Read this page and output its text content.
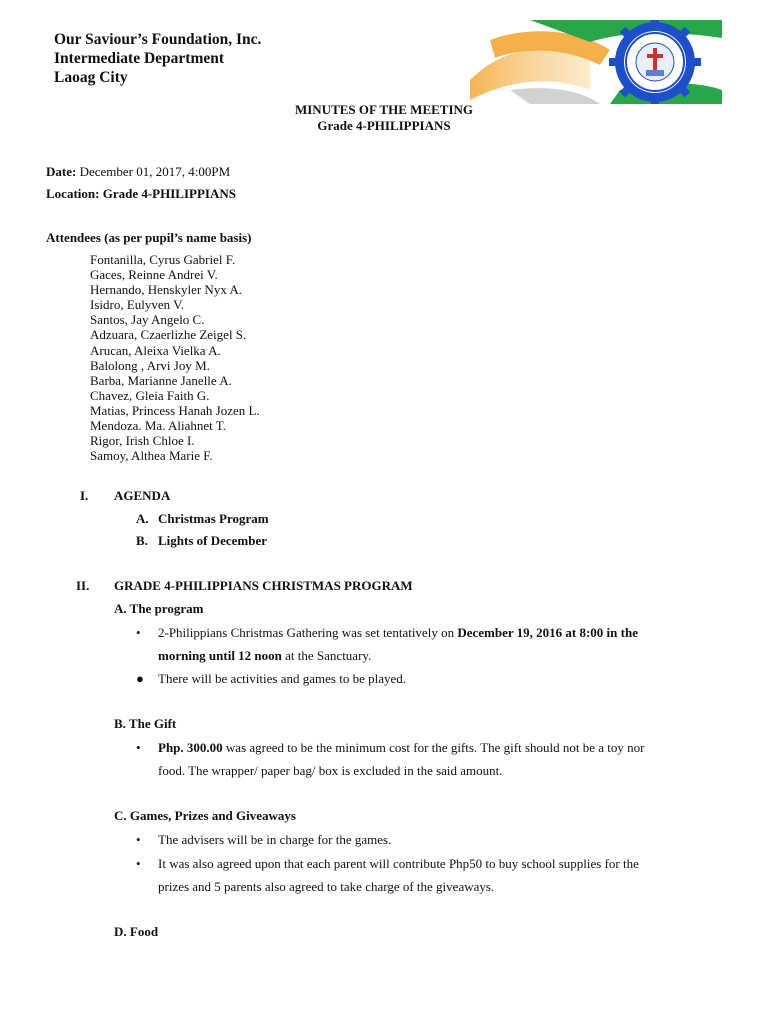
Our Saviour’s Foundation, Inc.
Intermediate Department
Laoag City
MINUTES OF THE MEETING
Grade 4-PHILIPPIANS
Date: December 01, 2017, 4:00PM
Location: Grade 4-PHILIPPIANS
Attendees (as per pupil’s name basis)
Fontanilla, Cyrus Gabriel F.
Gaces, Reinne Andrei V.
Hernando, Henskyler Nyx A.
Isidro, Eulyven V.
Santos, Jay Angelo C.
Adzuara, Czaerlizhe Zeigel S.
Arucan, Aleixa Vielka A.
Balolong , Arvi Joy M.
Barba, Marianne Janelle A.
Chavez, Gleia Faith G.
Matias, Princess Hanah Jozen L.
Mendoza. Ma. Aliahnet T.
Rigor, Irish Chloe I.
Samoy, Althea Marie F.
I. AGENDA
A. Christmas Program
B. Lights of December
II. GRADE 4-PHILIPPIANS CHRISTMAS PROGRAM
A. The program
• 2-Philippians Christmas Gathering was set tentatively on December 19, 2016 at 8:00 in the
morning until 12 noon at the Sanctuary.
● There will be activities and games to be played.
B. The Gift
• Php. 300.00 was agreed to be the minimum cost for the gifts. The gift should not be a toy nor
food. The wrapper/ paper bag/ box is excluded in the said amount.
C. Games, Prizes and Giveaways
• The advisers will be in charge for the games.
• It was also agreed upon that each parent will contribute Php50 to buy school supplies for the
prizes and 5 parents also agreed to take charge of the giveaways.
D. Food
